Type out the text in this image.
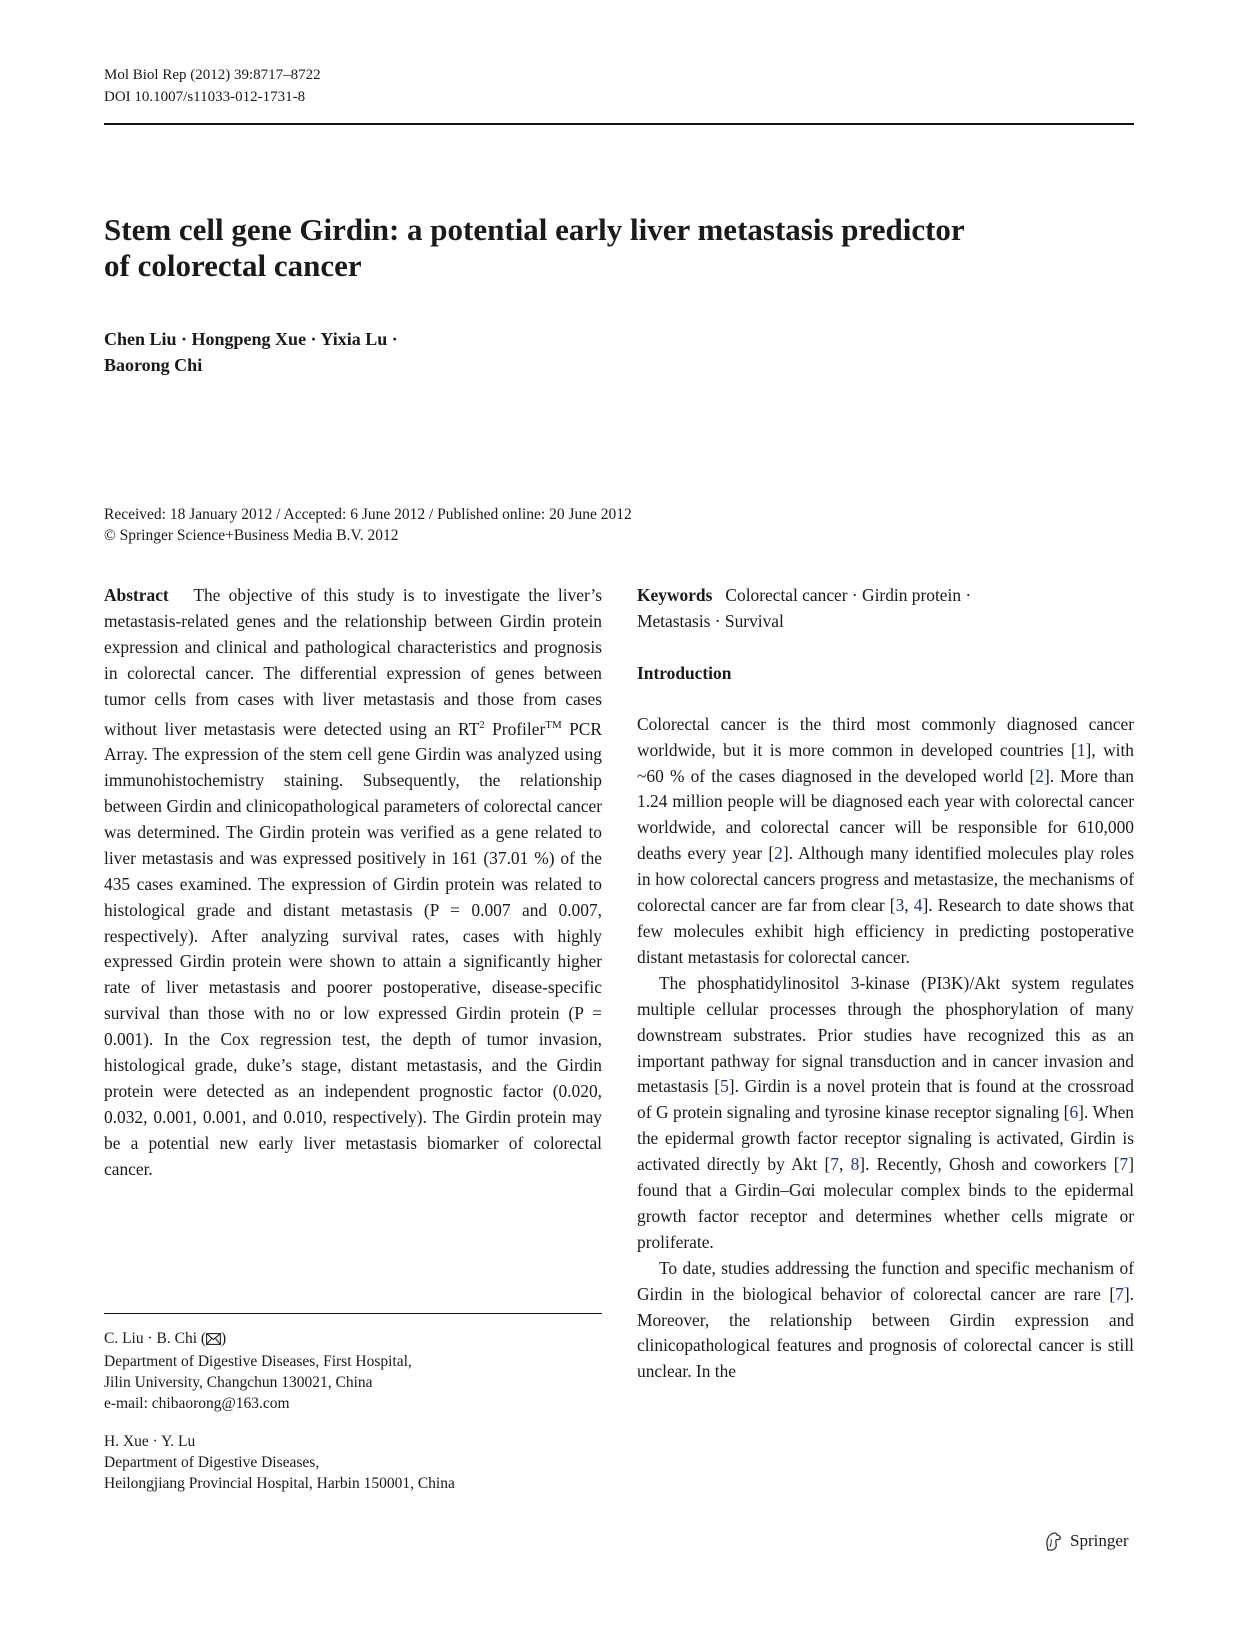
Mol Biol Rep (2012) 39:8717–8722
DOI 10.1007/s11033-012-1731-8
Stem cell gene Girdin: a potential early liver metastasis predictor
of colorectal cancer
Chen Liu · Hongpeng Xue · Yixia Lu ·
Baorong Chi
Received: 18 January 2012 / Accepted: 6 June 2012 / Published online: 20 June 2012
© Springer Science+Business Media B.V. 2012

Abstract The objective of this study is to investigate the liver’s metastasis-related genes and the relationship between Girdin protein expression and clinical and pathological characteristics and prognosis in colorectal cancer. The differential expression of genes between tumor cells from cases with liver metastasis and those from cases without liver metastasis were detected using an $RT^2$ Profiler™ PCR Array. The expression of the stem cell gene Girdin was analyzed using immunohistochemistry staining. Subsequently, the relationship between Girdin and clinicopathological parameters of colorectal cancer was determined. The Girdin protein was verified as a gene related to liver metastasis and was expressed positively in 161 (37.01 %) of the 435 cases examined. The expression of Girdin protein was related to histological grade and distant metastasis (P = 0.007 and 0.007, respectively). After analyzing survival rates, cases with highly expressed Girdin protein were shown to attain a significantly higher rate of liver metastasis and poorer postoperative, disease-specific survival than those with no or low expressed Girdin protein (P = 0.001). In the Cox regression test, the depth of tumor invasion, histological grade, duke’s stage, distant metastasis, and the Girdin protein were detected as an independent prognostic factor (0.020, 0.032, 0.001, 0.001, and 0.010, respectively). The Girdin protein may be a potential new early liver metastasis biomarker of colorectal cancer.

C. Liu · B. Chi ( )
Department of Digestive Diseases, First Hospital,
Jilin University, Changchun 130021, China
e-mail: chibaorong@163.com
H. Xue · Y. Lu
Department of Digestive Diseases,
Heilongjiang Provincial Hospital, Harbin 150001, China

Keywords Colorectal cancer · Girdin protein ·
Metastasis · Survival

Introduction

Colorectal cancer is the third most commonly diagnosed cancer worldwide, but it is more common in developed countries [1], with ~60 % of the cases diagnosed in the developed world [2]. More than 1.24 million people will be diagnosed each year with colorectal cancer worldwide, and colorectal cancer will be responsible for 610,000 deaths every year [2]. Although many identified molecules play roles in how colorectal cancers progress and metastasize, the mechanisms of colorectal cancer are far from clear [3, 4]. Research to date shows that few molecules exhibit high efficiency in predicting postoperative distant metastasis for colorectal cancer.

The phosphatidylinositol 3-kinase (PI3K)/Akt system regulates multiple cellular processes through the phosphorylation of many downstream substrates. Prior studies have recognized this as an important pathway for signal transduction and in cancer invasion and metastasis [5]. Girdin is a novel protein that is found at the crossroad of G protein signaling and tyrosine kinase receptor signaling [6]. When the epidermal growth factor receptor signaling is activated, Girdin is activated directly by Akt [7, 8]. Recently, Ghosh and coworkers [7] found that a Girdin–Gαi molecular complex binds to the epidermal growth factor receptor and determines whether cells migrate or proliferate.

To date, studies addressing the function and specific mechanism of Girdin in the biological behavior of colorectal cancer are rare [7]. Moreover, the relationship between Girdin expression and clinicopathological features and prognosis of colorectal cancer is still unclear. In the

Springer
